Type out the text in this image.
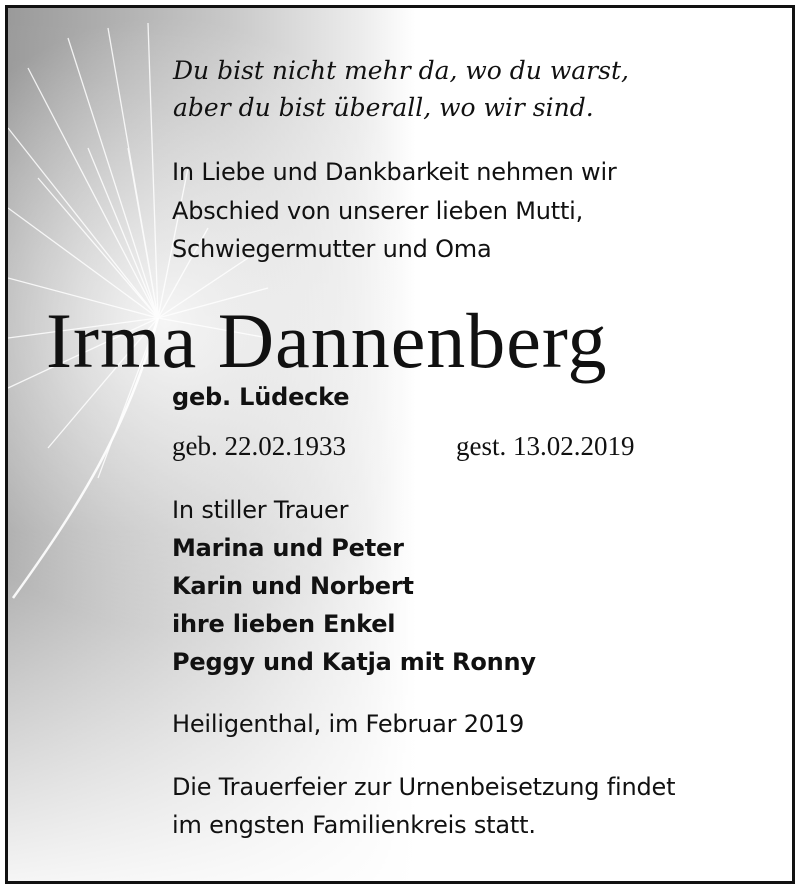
Du bist nicht mehr da, wo du warst,
aber du bist überall, wo wir sind.
In Liebe und Dankbarkeit nehmen wir
Abschied von unserer lieben Mutti,
Schwiegermutter und Oma
Irma Dannenberg
geb. Lüdecke
geb. 22.02.1933	gest. 13.02.2019
In stiller Trauer
Marina und Peter
Karin und Norbert
ihre lieben Enkel
Peggy und Katja mit Ronny
Heiligenthal, im Februar 2019
Die Trauerfeier zur Urnenbeisetzung findet
im engsten Familienkreis statt.
